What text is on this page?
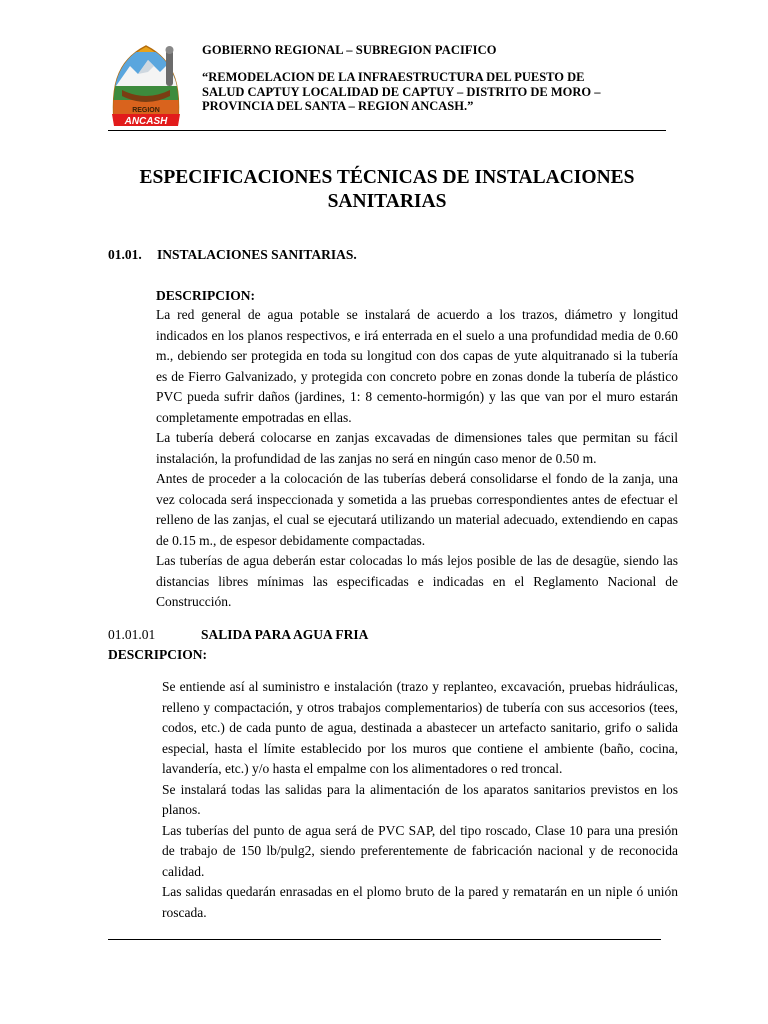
REGION
ANCASH
GOBIERNO REGIONAL – SUBREGION PACIFICO
“REMODELACION DE LA INFRAESTRUCTURA DEL PUESTO DE SALUD CAPTUY LOCALIDAD DE CAPTUY – DISTRITO DE MORO – PROVINCIA DEL SANTA – REGION ANCASH.”
ESPECIFICACIONES TÉCNICAS DE INSTALACIONES
SANITARIAS
01.01. INSTALACIONES SANITARIAS.
DESCRIPCION:

La red general de agua potable se instalará de acuerdo a los trazos, diámetro y longitud indicados en los planos respectivos, e irá enterrada en el suelo a una profundidad media de 0.60 m., debiendo ser protegida en toda su longitud con dos capas de yute alquitranado si la tubería es de Fierro Galvanizado, y protegida con concreto pobre en zonas donde la tubería de plástico PVC pueda sufrir daños (jardines, 1: 8 cemento-hormigón) y las que van por el muro estarán completamente empotradas en ellas.

La tubería deberá colocarse en zanjas excavadas de dimensiones tales que permitan su fácil instalación, la profundidad de las zanjas no será en ningún caso menor de 0.50 m.

Antes de proceder a la colocación de las tuberías deberá consolidarse el fondo de la zanja, una vez colocada será inspeccionada y sometida a las pruebas correspondientes antes de efectuar el relleno de las zanjas, el cual se ejecutará utilizando un material adecuado, extendiendo en capas de 0.15 m., de espesor debidamente compactadas.

Las tuberías de agua deberán estar colocadas lo más lejos posible de las de desagüe, siendo las distancias libres mínimas las especificadas e indicadas en el Reglamento Nacional de Construcción.

01.01.01	SALIDA PARA AGUA FRIA
DESCRIPCION:

Se entiende así al suministro e instalación (trazo y replanteo, excavación, pruebas hidráulicas, relleno y compactación, y otros trabajos complementarios) de tubería con sus accesorios (tees, codos, etc.) de cada punto de agua, destinada a abastecer un artefacto sanitario, grifo o salida especial, hasta el límite establecido por los muros que contiene el ambiente (baño, cocina, lavandería, etc.) y/o hasta el empalme con los alimentadores o red troncal.

Se instalará todas las salidas para la alimentación de los aparatos sanitarios previstos en los planos.

Las tuberías del punto de agua será de PVC SAP, del tipo roscado, Clase 10 para una presión de trabajo de 150 lb/pulg2, siendo preferentemente de fabricación nacional y de reconocida calidad.

Las salidas quedarán enrasadas en el plomo bruto de la pared y rematarán en un niple ó unión roscada.
